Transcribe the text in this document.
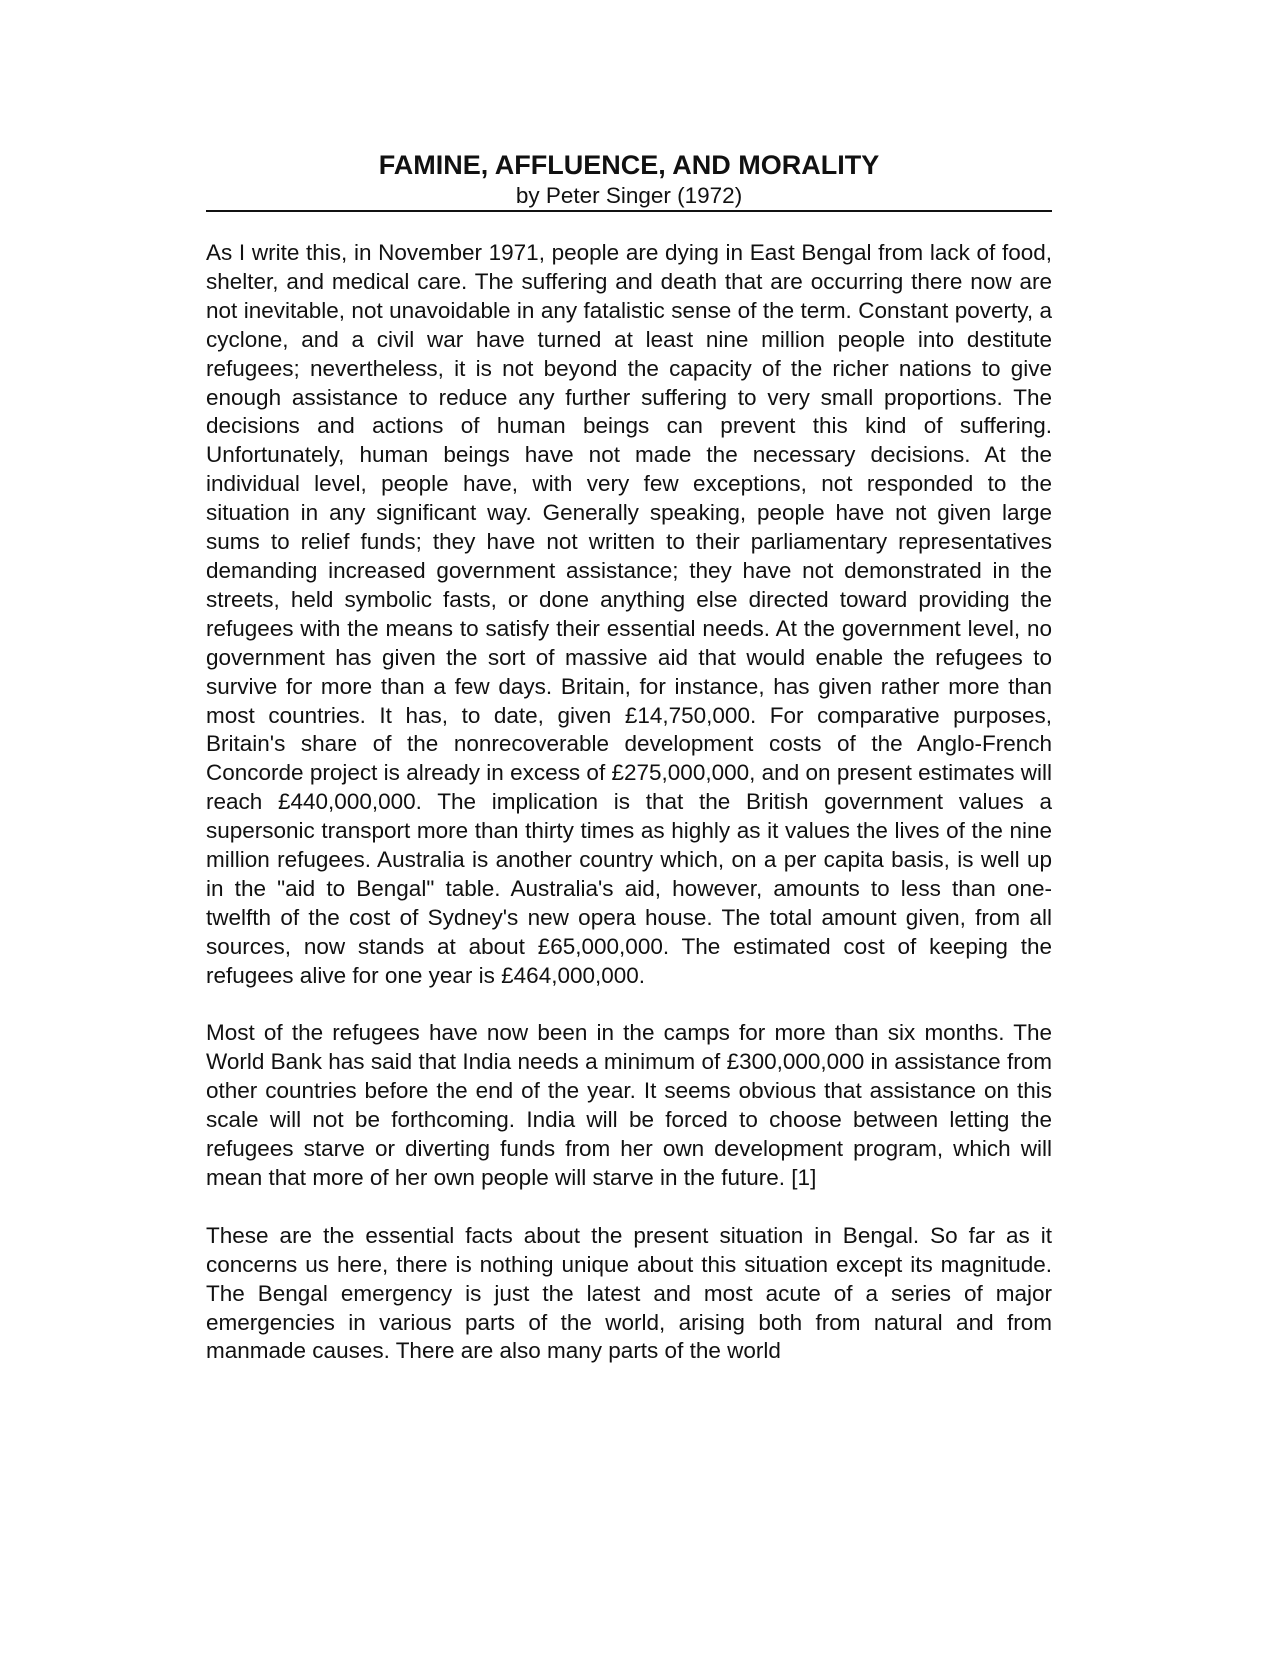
FAMINE, AFFLUENCE, AND MORALITY

by Peter Singer (1972)

As I write this, in November 1971, people are dying in East Bengal from lack of food, shelter, and medical care. The suffering and death that are occurring there now are not inevitable, not unavoidable in any fatalistic sense of the term. Constant poverty, a cyclone, and a civil war have turned at least nine million people into destitute refugees; nevertheless, it is not beyond the capacity of the richer nations to give enough assistance to reduce any further suffering to very small proportions. The decisions and actions of human beings can prevent this kind of suffering. Unfortunately, human beings have not made the necessary decisions. At the individual level, people have, with very few exceptions, not responded to the situation in any significant way. Generally speaking, people have not given large sums to relief funds; they have not written to their parliamentary representatives demanding increased government assistance; they have not demonstrated in the streets, held symbolic fasts, or done anything else directed toward providing the refugees with the means to satisfy their essential needs. At the government level, no government has given the sort of massive aid that would enable the refugees to survive for more than a few days. Britain, for instance, has given rather more than most countries. It has, to date, given £14,750,000. For comparative purposes, Britain's share of the nonrecoverable development costs of the Anglo-French Concorde project is already in excess of £275,000,000, and on present estimates will reach £440,000,000. The implication is that the British government values a supersonic transport more than thirty times as highly as it values the lives of the nine million refugees. Australia is another country which, on a per capita basis, is well up in the "aid to Bengal" table. Australia's aid, however, amounts to less than one-twelfth of the cost of Sydney's new opera house. The total amount given, from all sources, now stands at about £65,000,000. The estimated cost of keeping the refugees alive for one year is £464,000,000.

Most of the refugees have now been in the camps for more than six months. The World Bank has said that India needs a minimum of £300,000,000 in assistance from other countries before the end of the year. It seems obvious that assistance on this scale will not be forthcoming. India will be forced to choose between letting the refugees starve or diverting funds from her own development program, which will mean that more of her own people will starve in the future. [1]

These are the essential facts about the present situation in Bengal. So far as it concerns us here, there is nothing unique about this situation except its magnitude. The Bengal emergency is just the latest and most acute of a series of major emergencies in various parts of the world, arising both from natural and from manmade causes. There are also many parts of the world
